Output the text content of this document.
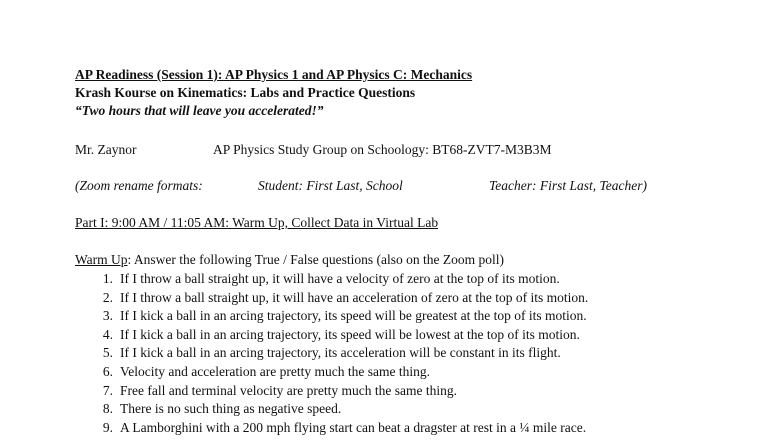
AP Readiness (Session 1): AP Physics 1 and AP Physics C: Mechanics
Krash Kourse on Kinematics: Labs and Practice Questions
“Two hours that will leave you accelerated!”
Mr. Zaynor	AP Physics Study Group on Schoology: BT68-ZVT7-M3B3M
(Zoom rename formats:	Student: First Last, School	Teacher: First Last, Teacher)
Part I: 9:00 AM / 11:05 AM: Warm Up, Collect Data in Virtual Lab
Warm Up: Answer the following True / False questions (also on the Zoom poll)
1. If I throw a ball straight up, it will have a velocity of zero at the top of its motion.
2. If I throw a ball straight up, it will have an acceleration of zero at the top of its motion.
3. If I kick a ball in an arcing trajectory, its speed will be greatest at the top of its motion.
4. If I kick a ball in an arcing trajectory, its speed will be lowest at the top of its motion.
5. If I kick a ball in an arcing trajectory, its acceleration will be constant in its flight.
6. Velocity and acceleration are pretty much the same thing.
7. Free fall and terminal velocity are pretty much the same thing.
8. There is no such thing as negative speed.
9. A Lamborghini with a 200 mph flying start can beat a dragster at rest in a ¼ mile race.
